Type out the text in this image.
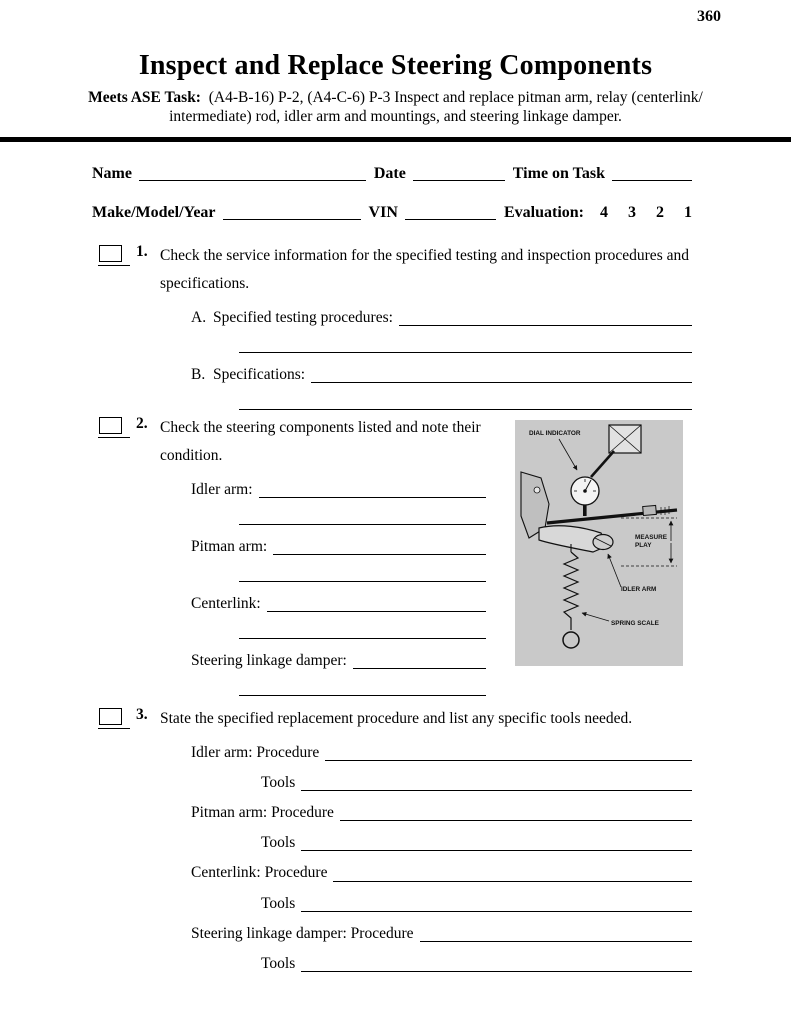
360
Inspect and Replace Steering Components
Meets ASE Task: (A4-B-16) P-2, (A4-C-6) P-3 Inspect and replace pitman arm, relay (centerlink/
intermediate) rod, idler arm and mountings, and steering linkage damper.
Name	Date	Time on Task
Make/Model/Year	VIN	Evaluation:	4 3 2 1
1. Check the service information for the specified testing and inspection procedures and specifications.
A. Specified testing procedures:
B. Specifications:
2. Check the steering components listed and note their condition.
Idler arm:
Pitman arm:
Centerlink:
Steering linkage damper:
3. State the specified replacement procedure and list any specific tools needed.
Idler arm: Procedure
Tools
Pitman arm: Procedure
Tools
Centerlink: Procedure
Tools
Steering linkage damper: Procedure
Tools
DIAL INDICATOR
MEASURE
PLAY
IDLER ARM
SPRING SCALE
